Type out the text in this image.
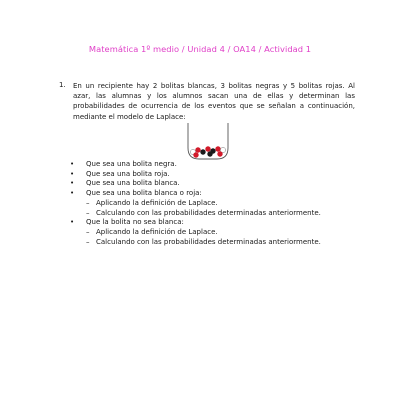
Matemática 1º medio / Unidad 4 / OA14 / Actividad 1
1. En un recipiente hay 2 bolitas blancas, 3 bolitas negras y 5 bolitas rojas. Al azar, las alumnas y los alumnos sacan una de ellas y determinan las probabilidades de ocurrencia de los eventos que se señalan a continuación, mediante el modelo de Laplace:

• Que sea una bolita negra.
• Que sea una bolita roja.
• Que sea una bolita blanca.
• Que sea una bolita blanca o roja:
– Aplicando la definición de Laplace.
– Calculando con las probabilidades determinadas anteriormente.
• Que la bolita no sea blanca:
– Aplicando la definición de Laplace.
– Calculando con las probabilidades determinadas anteriormente.
